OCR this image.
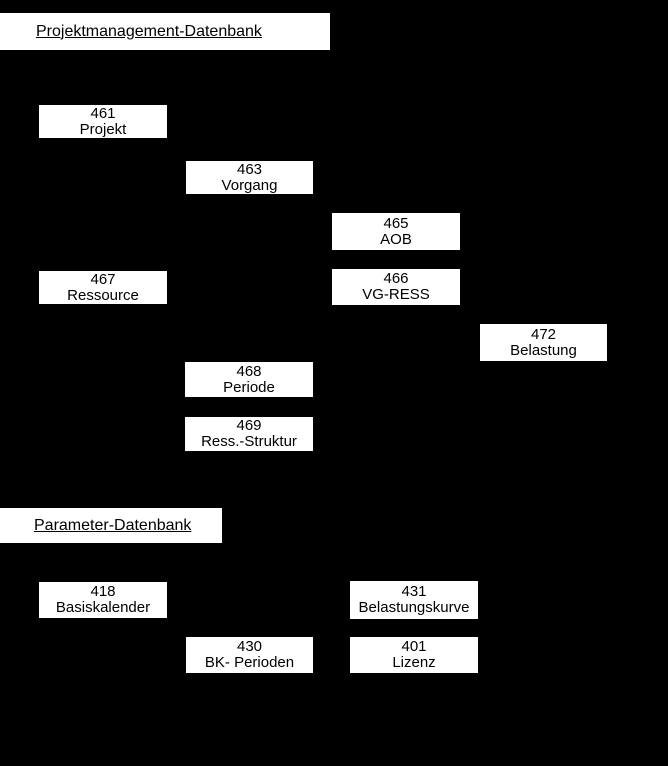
Projektmanagement-Datenbank
461
Projekt
463
Vorgang
465
AOB
467
Ressource
466
VG-RESS
472
Belastung
468
Periode
469
Ress.-Struktur
Parameter-Datenbank
418
Basiskalender
431
Belastungskurve
430
BK- Perioden
401
Lizenz
